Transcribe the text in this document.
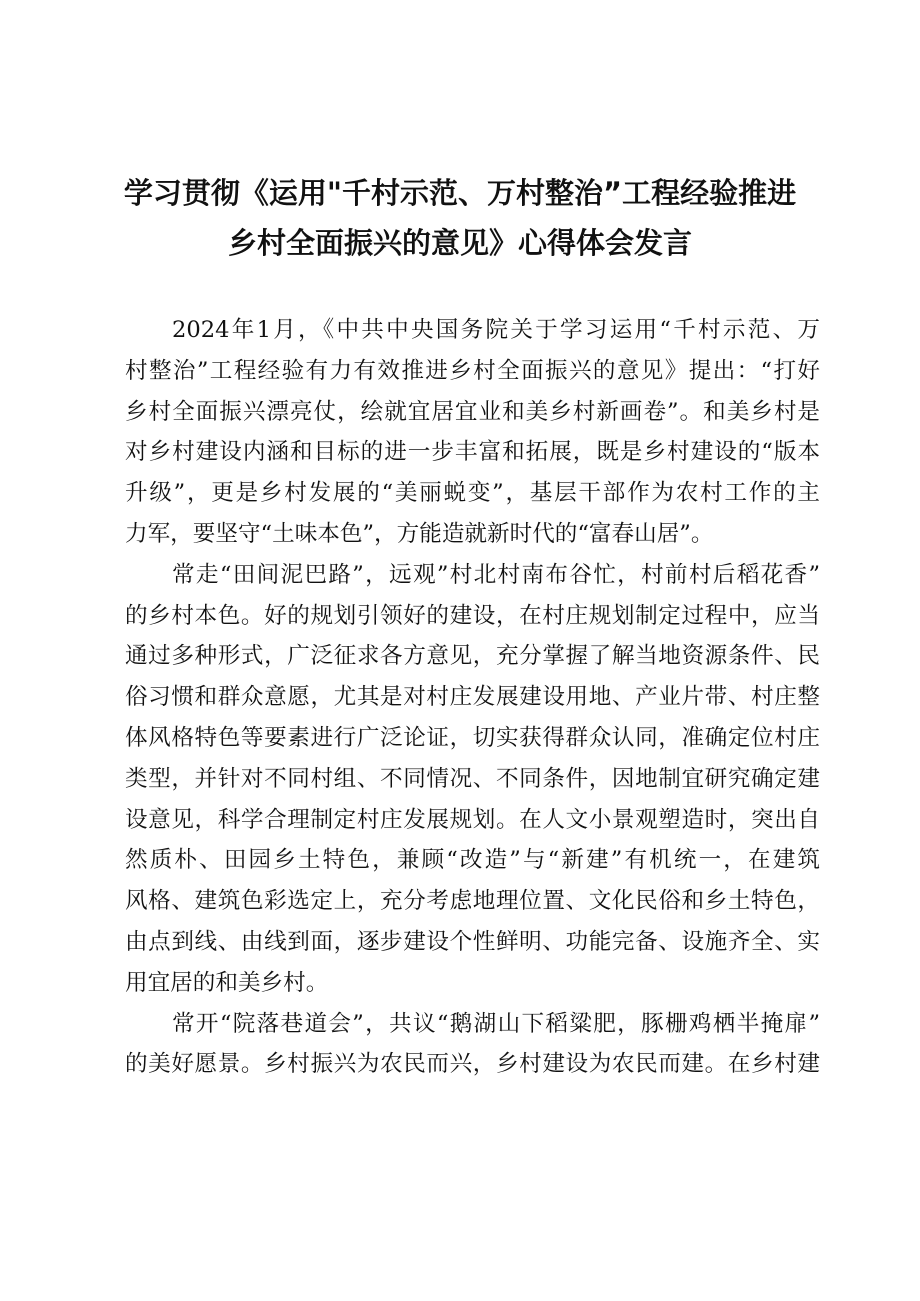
学习贯彻《运用"千村示范、万村整治”工程经验推进
乡村全面振兴的意见》心得体会发言
2024年1月，《中共中央国务院关于学习运用“千村示范、万
村整治”工程经验有力有效推进乡村全面振兴的意见》提出：“打好
乡村全面振兴漂亮仗，绘就宜居宜业和美乡村新画卷”。和美乡村是
对乡村建设内涵和目标的进一步丰富和拓展，既是乡村建设的“版本
升级”，更是乡村发展的“美丽蜕变”，基层干部作为农村工作的主
力军，要坚守“土味本色”，方能造就新时代的“富春山居”。
常走“田间泥巴路”，远观”村北村南布谷忙，村前村后稻花香”
的乡村本色。好的规划引领好的建设，在村庄规划制定过程中，应当
通过多种形式，广泛征求各方意见，充分掌握了解当地资源条件、民
俗习惯和群众意愿，尤其是对村庄发展建设用地、产业片带、村庄整
体风格特色等要素进行广泛论证，切实获得群众认同，准确定位村庄
类型，并针对不同村组、不同情况、不同条件，因地制宜研究确定建
设意见，科学合理制定村庄发展规划。在人文小景观塑造时，突出自
然质朴、田园乡土特色，兼顾“改造”与“新建”有机统一，在建筑
风格、建筑色彩选定上，充分考虑地理位置、文化民俗和乡土特色，
由点到线、由线到面，逐步建设个性鲜明、功能完备、设施齐全、实
用宜居的和美乡村。
常开“院落巷道会”，共议“鹅湖山下稻粱肥，豚栅鸡栖半掩扉”
的美好愿景。乡村振兴为农民而兴，乡村建设为农民而建。在乡村建
